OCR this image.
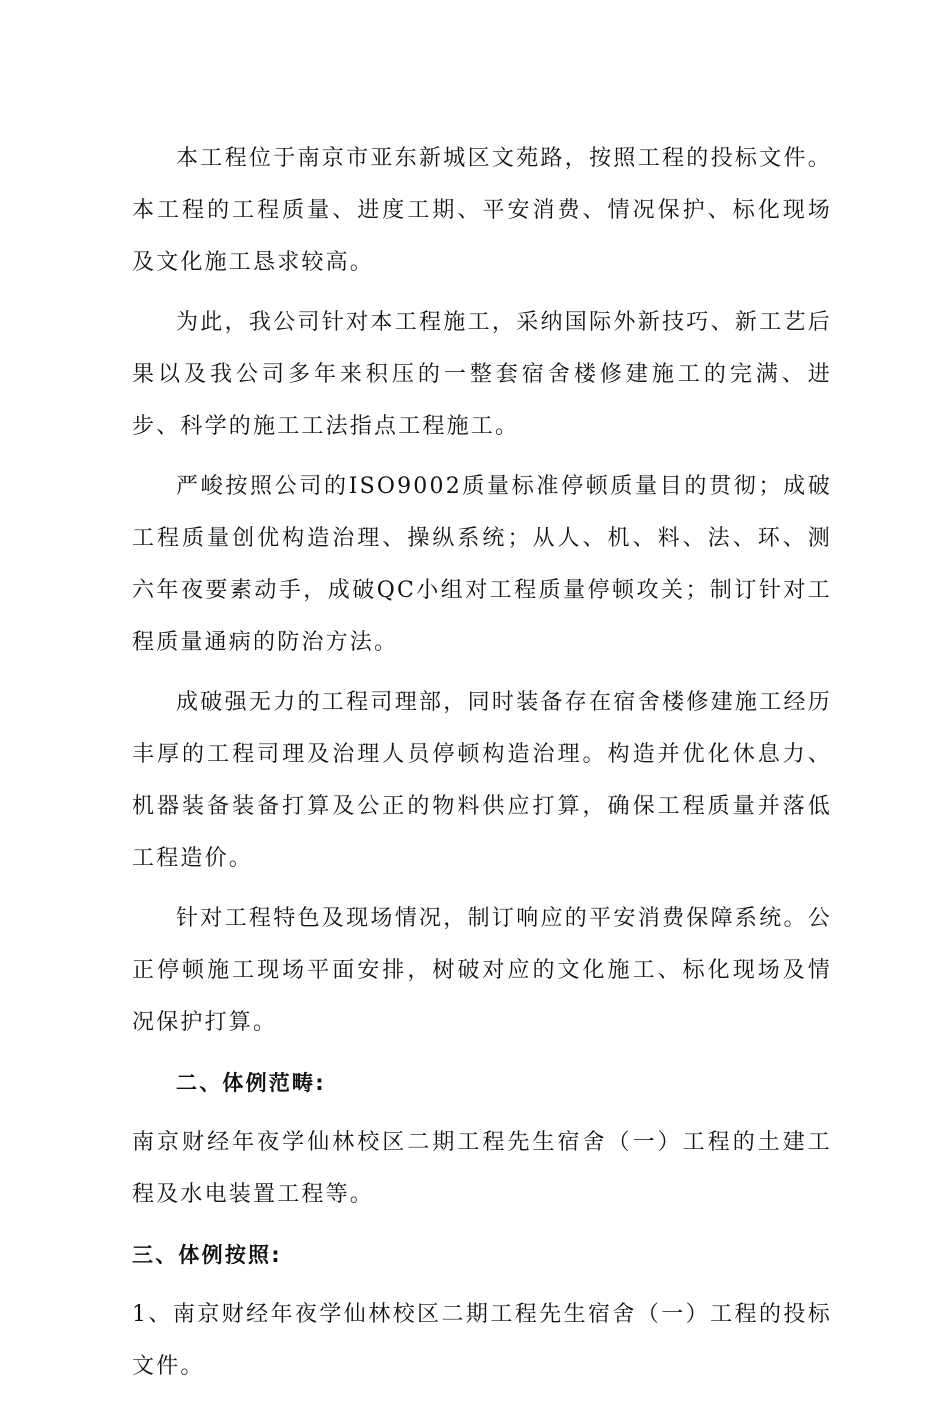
本工程位于南京市亚东新城区文苑路，按照工程的投标文件。本工程的工程质量、进度工期、平安消费、情况保护、标化现场及文化施工恳求较高。

为此，我公司针对本工程施工，采纳国际外新技巧、新工艺后果以及我公司多年来积压的一整套宿舍楼修建施工的完满、进步、科学的施工工法指点工程施工。

严峻按照公司的ISO9002质量标准停顿质量目的贯彻；成破工程质量创优构造治理、操纵系统；从人、机、料、法、环、测六年夜要素动手，成破QC小组对工程质量停顿攻关；制订针对工程质量通病的防治方法。

成破强无力的工程司理部，同时装备存在宿舍楼修建施工经历丰厚的工程司理及治理人员停顿构造治理。构造并优化休息力、机器装备装备打算及公正的物料供应打算，确保工程质量并落低工程造价。

针对工程特色及现场情况，制订响应的平安消费保障系统。公正停顿施工现场平面安排，树破对应的文化施工、标化现场及情况保护打算。

二、体例范畴:

南京财经年夜学仙林校区二期工程先生宿舍（一）工程的土建工程及水电装置工程等。

三、体例按照:

1、南京财经年夜学仙林校区二期工程先生宿舍（一）工程的投标文件。
